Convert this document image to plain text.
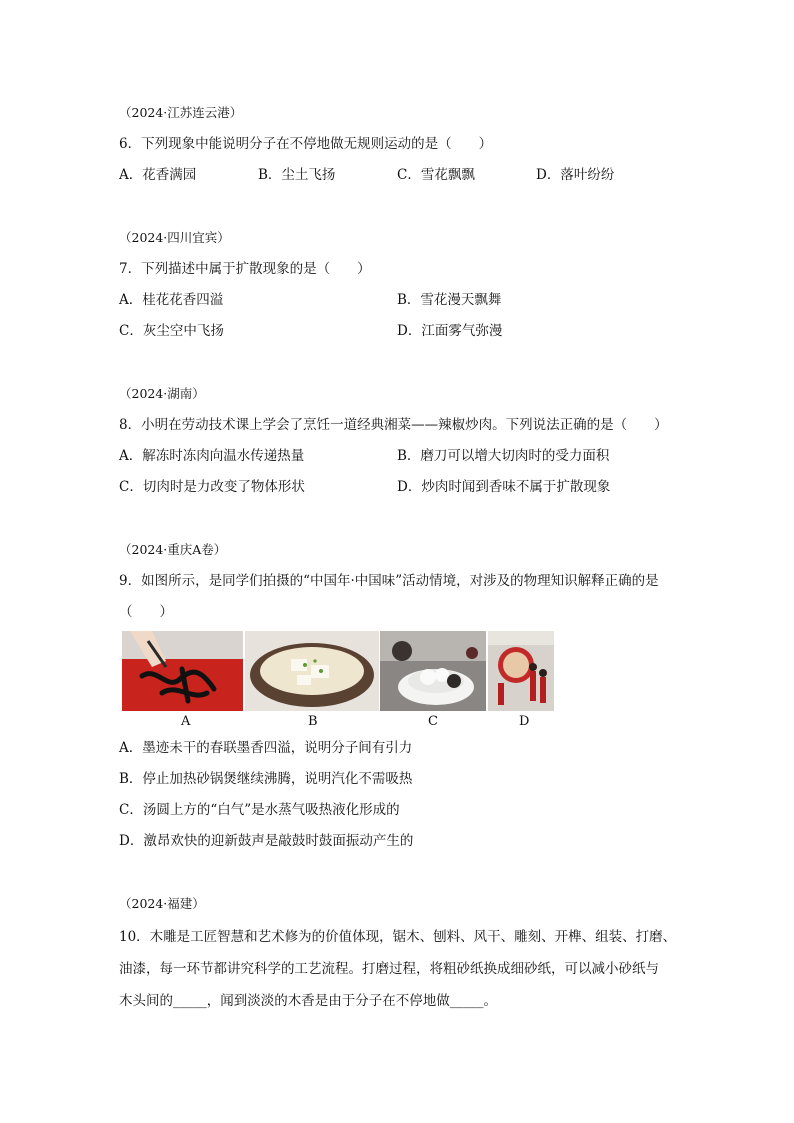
（2024·江苏连云港）
6．下列现象中能说明分子在不停地做无规则运动的是（　　）
A．花香满园	B．尘土飞扬	C．雪花飘飘	D．落叶纷纷
（2024·四川宜宾）
7．下列描述中属于扩散现象的是（　　）
A．桂花花香四溢	B．雪花漫天飘舞
C．灰尘空中飞扬	D．江面雾气弥漫
（2024·湖南）
8．小明在劳动技术课上学会了烹饪一道经典湘菜——辣椒炒肉。下列说法正确的是（　　）
A．解冻时冻肉向温水传递热量	B．磨刀可以增大切肉时的受力面积
C．切肉时是力改变了物体形状	D．炒肉时闻到香味不属于扩散现象
（2024·重庆A卷）
9．如图所示，是同学们拍摄的“中国年·中国味”活动情境，对涉及的物理知识解释正确的是
（　　）
A	B	C	D
A．墨迹未干的春联墨香四溢，说明分子间有引力
B．停止加热砂锅煲继续沸腾，说明汽化不需吸热
C．汤圆上方的“白气”是水蒸气吸热液化形成的
D．激昂欢快的迎新鼓声是敲鼓时鼓面振动产生的
（2024·福建）
10．木雕是工匠智慧和艺术修为的价值体现，锯木、刨料、风干、雕刻、开榫、组装、打磨、
油漆，每一环节都讲究科学的工艺流程。打磨过程，将粗砂纸换成细砂纸，可以减小砂纸与
木头间的_____，闻到淡淡的木香是由于分子在不停地做_____。
